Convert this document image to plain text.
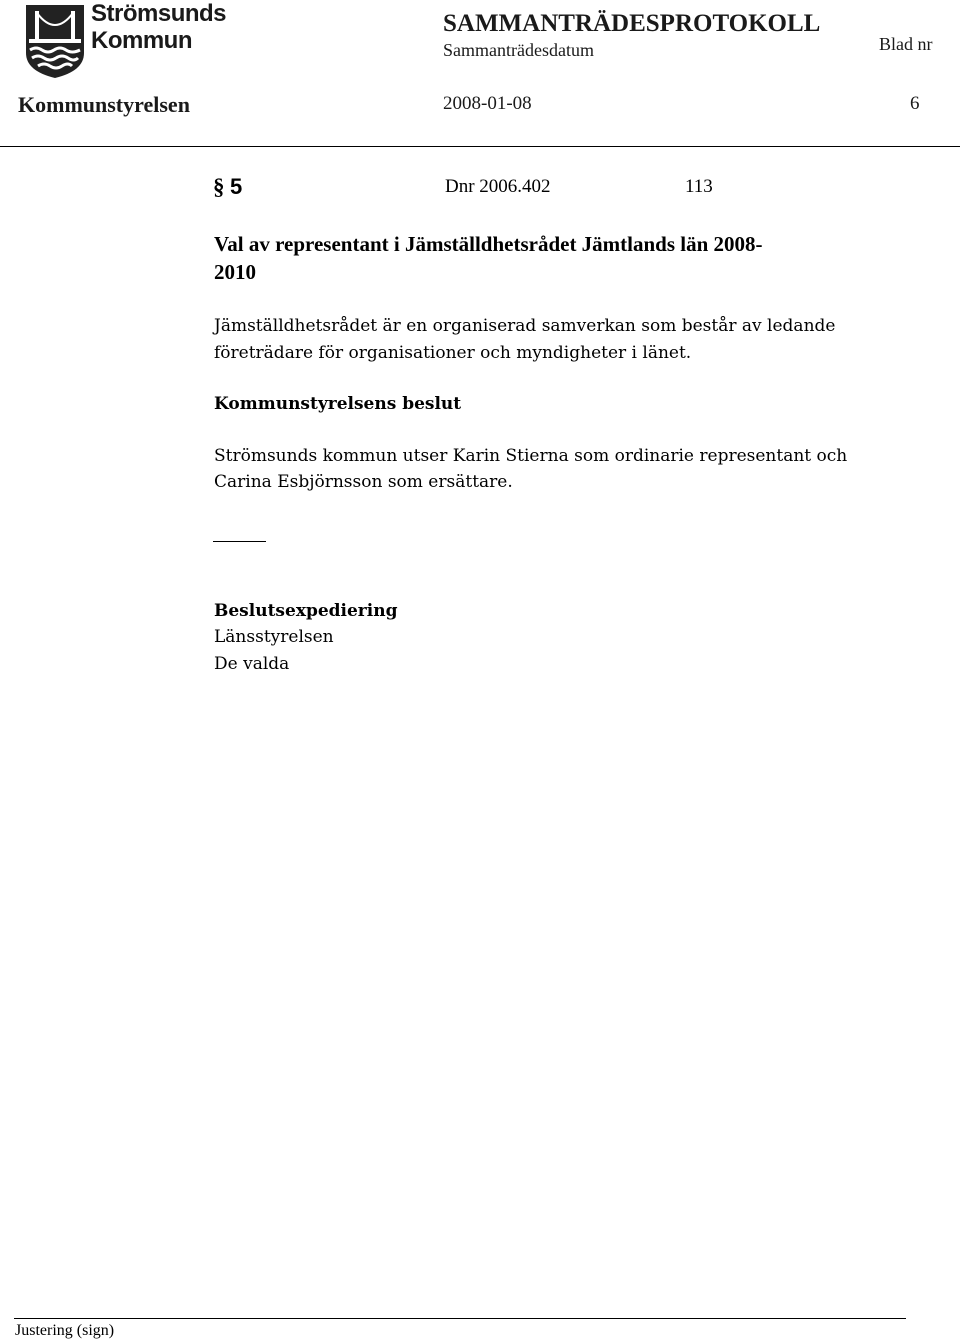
Strömsunds
Kommun
SAMMANTRÄDESPROTOKOLL
Sammanträdesdatum	Blad nr
Kommunstyrelsen	2008-01-08	6
§ 5	Dnr 2006.402	113
Val av representant i Jämställdhetsrådet Jämtlands län 2008-
2010
Jämställdhetsrådet är en organiserad samverkan som består av ledande
företrädare för organisationer och myndigheter i länet.
Kommunstyrelsens beslut
Strömsunds kommun utser Karin Stierna som ordinarie representant och
Carina Esbjörnsson som ersättare.
Beslutsexpediering
Länsstyrelsen
De valda
Justering (sign)
